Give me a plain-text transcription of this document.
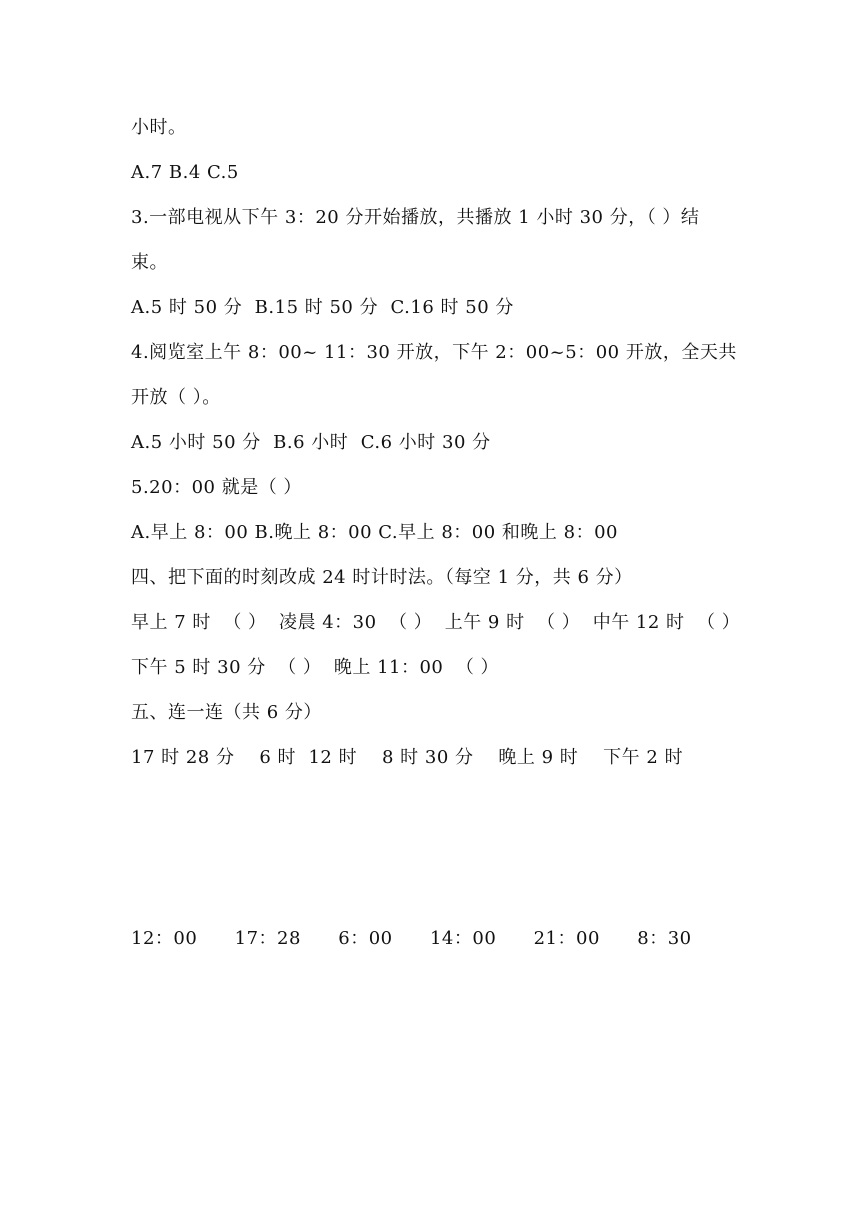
小时。
A.7 B.4 C.5
3.一部电视从下午 3：20 分开始播放，共播放 1 小时 30 分，（ ）结
束。
A.5 时 50 分  B.15 时 50 分  C.16 时 50 分
4.阅览室上午 8：00~ 11：30 开放，下午 2：00~5：00 开放，全天共
开放（ ）。
A.5 小时 50 分  B.6 小时  C.6 小时 30 分
5.20：00 就是（ ）
A.早上 8：00 B.晚上 8：00 C.早上 8：00 和晚上 8：00
四、把下面的时刻改成 24 时计时法。（每空 1 分，共 6 分）
早上 7 时  （ ）  凌晨 4：30  （ ）  上午 9 时  （ ）  中午 12 时  （ ）
下午 5 时 30 分  （ ）  晚上 11：00  （ ）
五、连一连（共 6 分）
17 时 28 分    6 时  12 时    8 时 30 分    晚上 9 时    下午 2 时
12：00      17：28      6：00      14：00      21：00      8：30
